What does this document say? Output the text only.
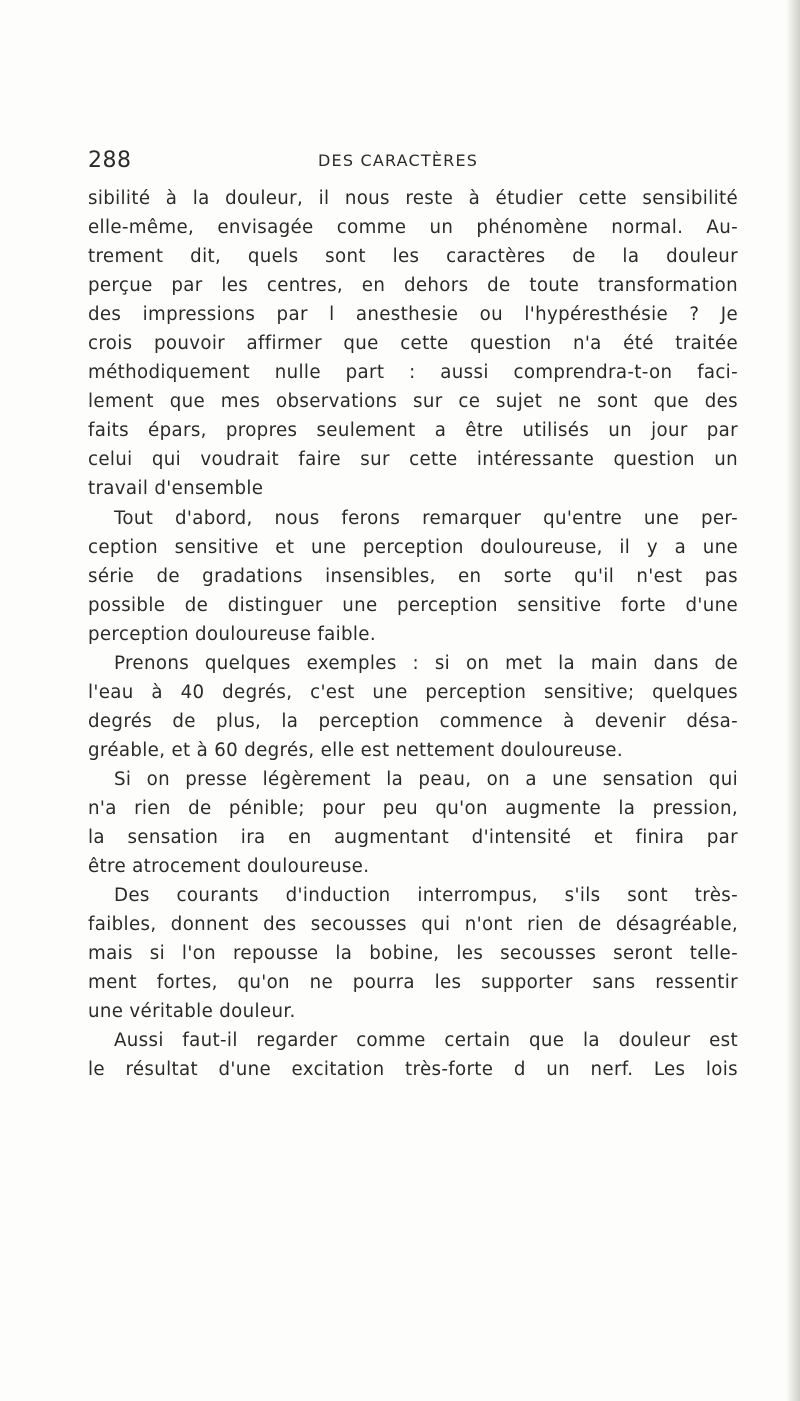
288	DES CARACTÈRES
sibilité à la douleur, il nous reste à étudier cette sensibilité
elle-même, envisagée comme un phénomène normal. Au-
trement dit, quels sont les caractères de la douleur
perçue par les centres, en dehors de toute transformation
des impressions par l anesthesie ou l'hypéresthésie ? Je
crois pouvoir affirmer que cette question n'a été traitée
méthodiquement nulle part : aussi comprendra-t-on faci-
lement que mes observations sur ce sujet ne sont que des
faits épars, propres seulement a être utilisés un jour par
celui qui voudrait faire sur cette intéressante question un
travail d'ensemble
Tout d'abord, nous ferons remarquer qu'entre une per-
ception sensitive et une perception douloureuse, il y a une
série de gradations insensibles, en sorte qu'il n'est pas
possible de distinguer une perception sensitive forte d'une
perception douloureuse faible.
Prenons quelques exemples : si on met la main dans de
l'eau à 40 degrés, c'est une perception sensitive; quelques
degrés de plus, la perception commence à devenir désa-
gréable, et à 60 degrés, elle est nettement douloureuse.
Si on presse légèrement la peau, on a une sensation qui
n'a rien de pénible; pour peu qu'on augmente la pression,
la sensation ira en augmentant d'intensité et finira par
être atrocement douloureuse.
Des courants d'induction interrompus, s'ils sont très-
faibles, donnent des secousses qui n'ont rien de désagréable,
mais si l'on repousse la bobine, les secousses seront telle-
ment fortes, qu'on ne pourra les supporter sans ressentir
une véritable douleur.
Aussi faut-il regarder comme certain que la douleur est
le résultat d'une excitation très-forte d un nerf. Les lois
